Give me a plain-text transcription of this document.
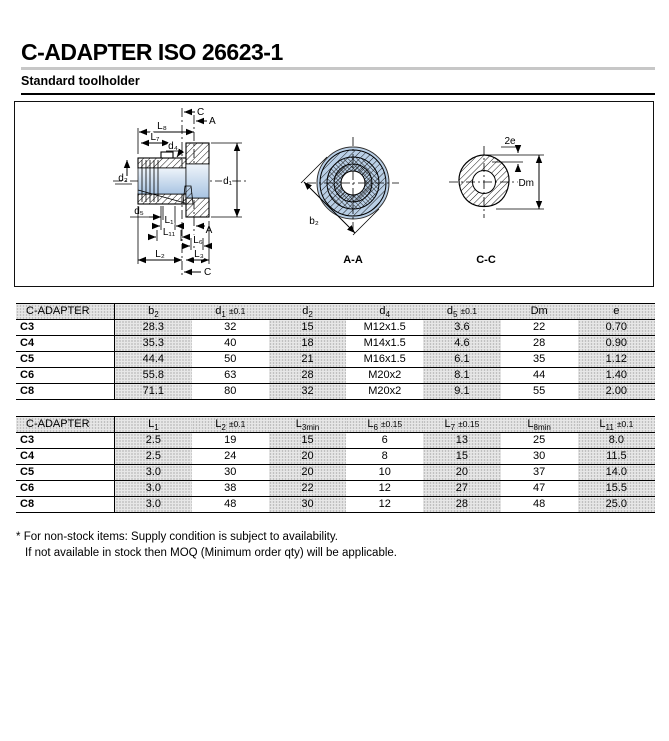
C-ADAPTER ISO 26623-1
Standard toolholder
C
A
L₈
L₇
d₄
d₂	d₁
d₅
L₁
L₁₁	A
L₆
L₂	L₃
C
b₂
A-A
2e
Dm
C-C
C-ADAPTER	$b_2$	$d_1 \pm 0.1$	$d_2$	$d_4$	$d_5 \pm 0.1$	Dm	e
C3	28.3	32	15	M12x1.5	3.6	22	0.70
C4	35.3	40	18	M14x1.5	4.6	28	0.90
C5	44.4	50	21	M16x1.5	6.1	35	1.12
C6	55.8	63	28	M20x2	8.1	44	1.40
C8	71.1	80	32	M20x2	9.1	55	2.00
C-ADAPTER	$L_1$	$L_2 \pm 0.1$	$L_{3min}$	$L_6 \pm 0.15$	$L_7 \pm 0.15$	$L_{8min}$	$L_{11} \pm 0.1$
C3	2.5	19	15	6	13	25	8.0
C4	2.5	24	20	8	15	30	11.5
C5	3.0	30	20	10	20	37	14.0
C6	3.0	38	22	12	27	47	15.5
C8	3.0	48	30	12	28	48	25.0
* For non-stock items: Supply condition is subject to availability.
If not available in stock then MOQ (Minimum order qty) will be applicable.
